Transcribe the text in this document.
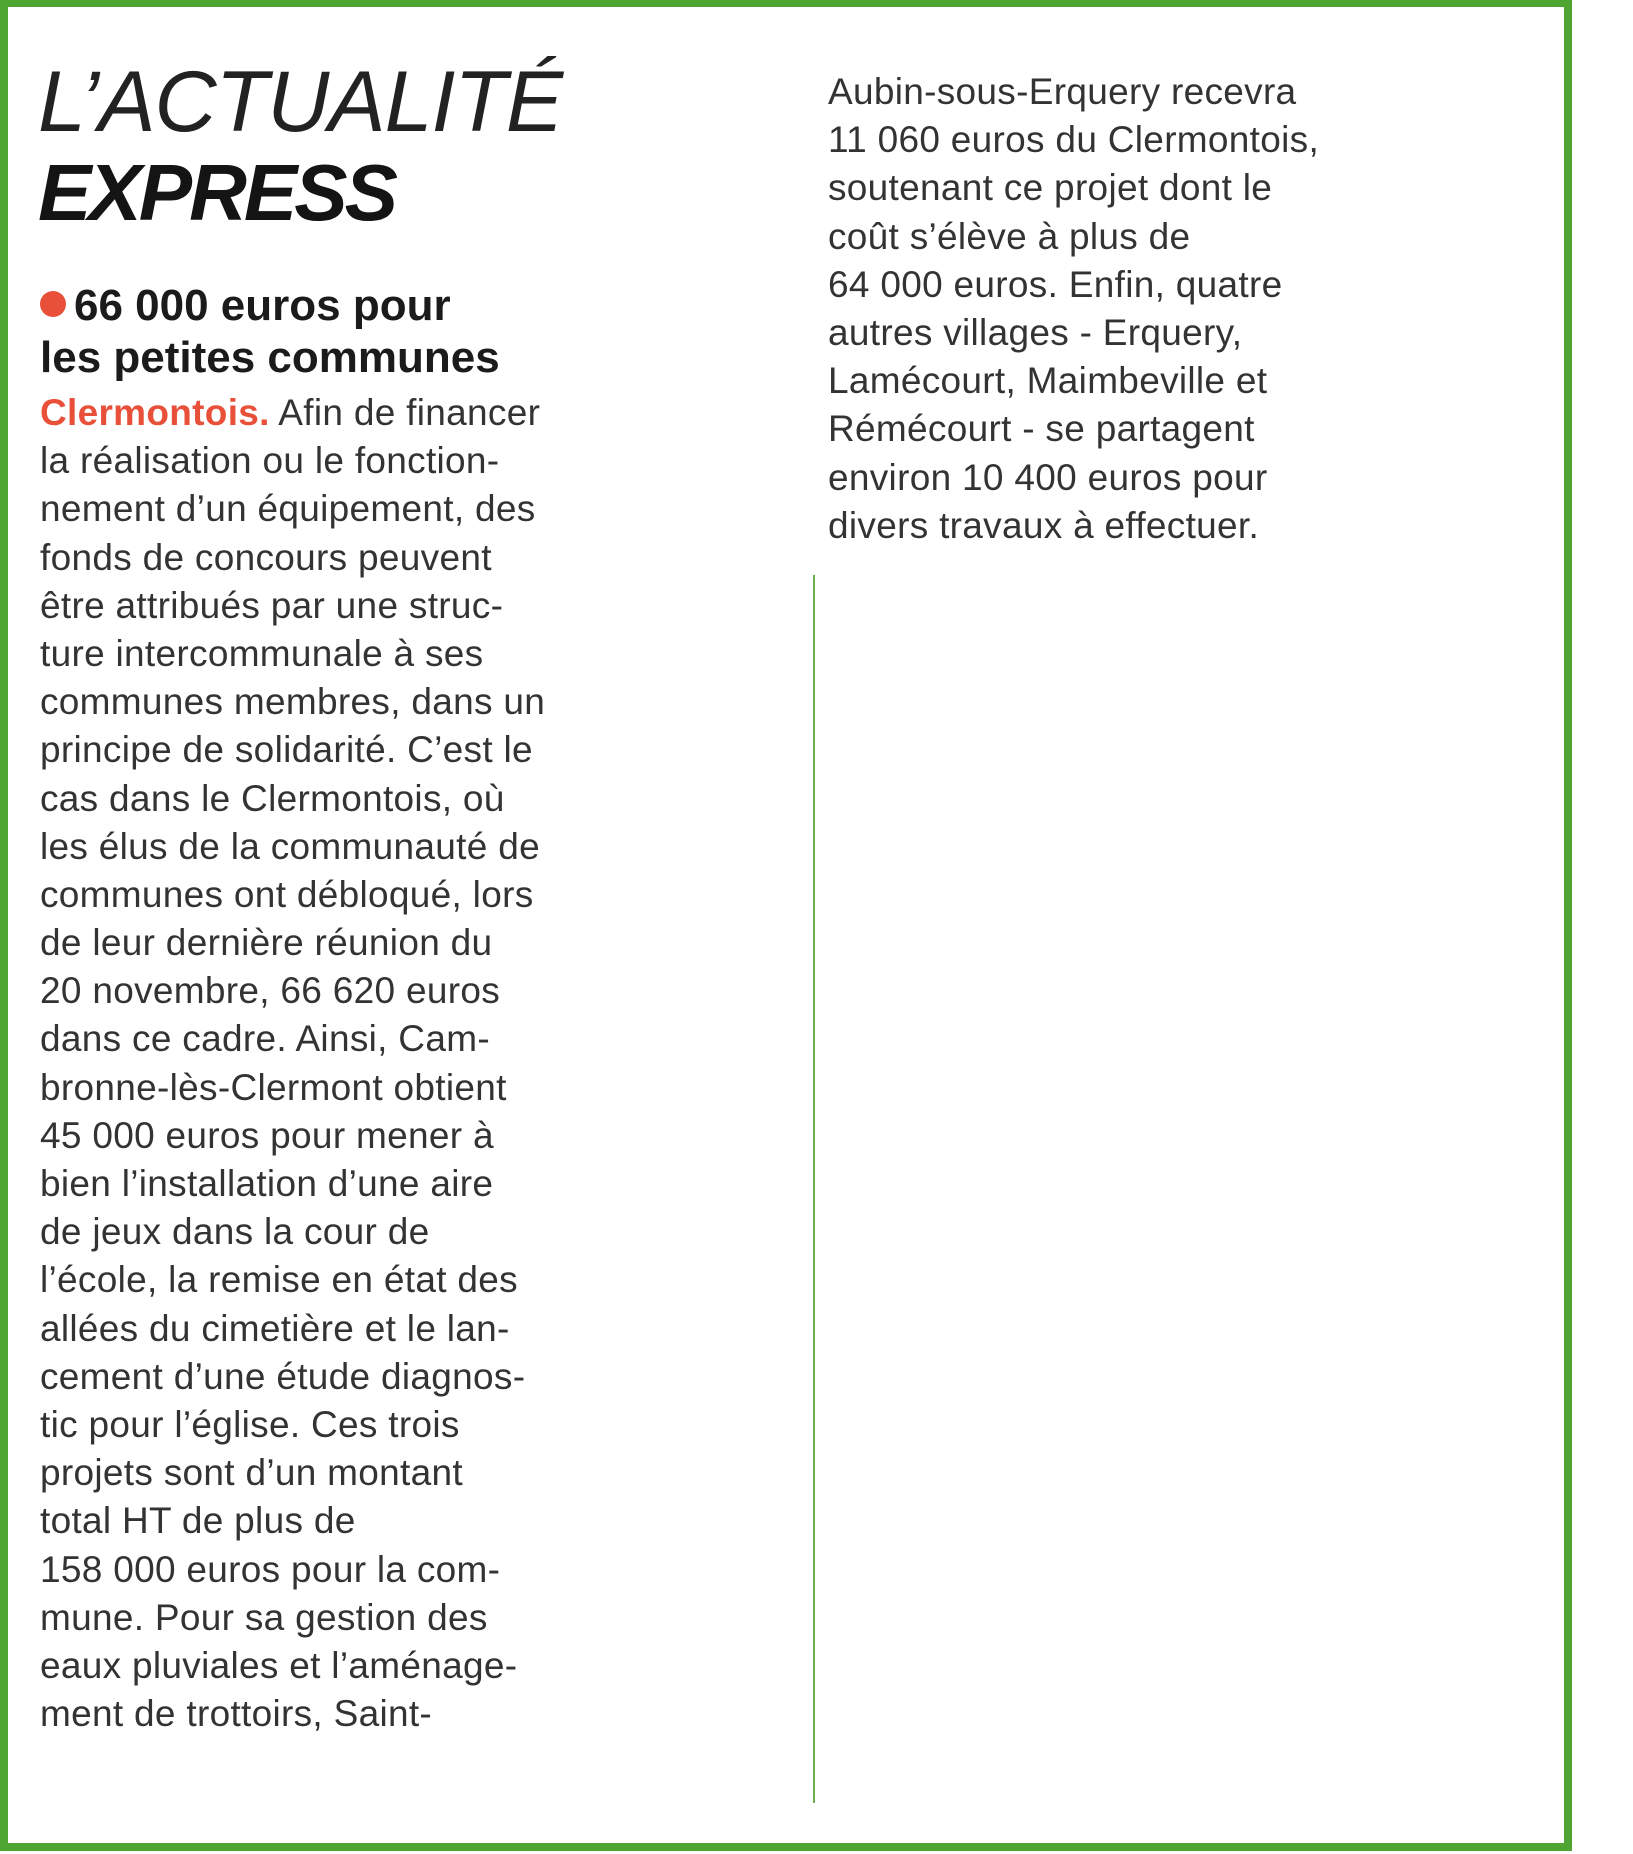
L’ACTUALITÉ
EXPRESS
66 000 euros pour
les petites communes
Clermontois. Afin de financer
la réalisation ou le fonction-
nement d’un équipement, des
fonds de concours peuvent
être attribués par une struc-
ture intercommunale à ses
communes membres, dans un
principe de solidarité. C’est le
cas dans le Clermontois, où
les élus de la communauté de
communes ont débloqué, lors
de leur dernière réunion du
20 novembre, 66 620 euros
dans ce cadre. Ainsi, Cam-
bronne-lès-Clermont obtient
45 000 euros pour mener à
bien l’installation d’une aire
de jeux dans la cour de
l’école, la remise en état des
allées du cimetière et le lan-
cement d’une étude diagnos-
tic pour l’église. Ces trois
projets sont d’un montant
total HT de plus de
158 000 euros pour la com-
mune. Pour sa gestion des
eaux pluviales et l’aménage-
ment de trottoirs, Saint-
Aubin-sous-Erquery recevra
11 060 euros du Clermontois,
soutenant ce projet dont le
coût s’élève à plus de
64 000 euros. Enfin, quatre
autres villages - Erquery,
Lamécourt, Maimbeville et
Rémécourt - se partagent
environ 10 400 euros pour
divers travaux à effectuer.
